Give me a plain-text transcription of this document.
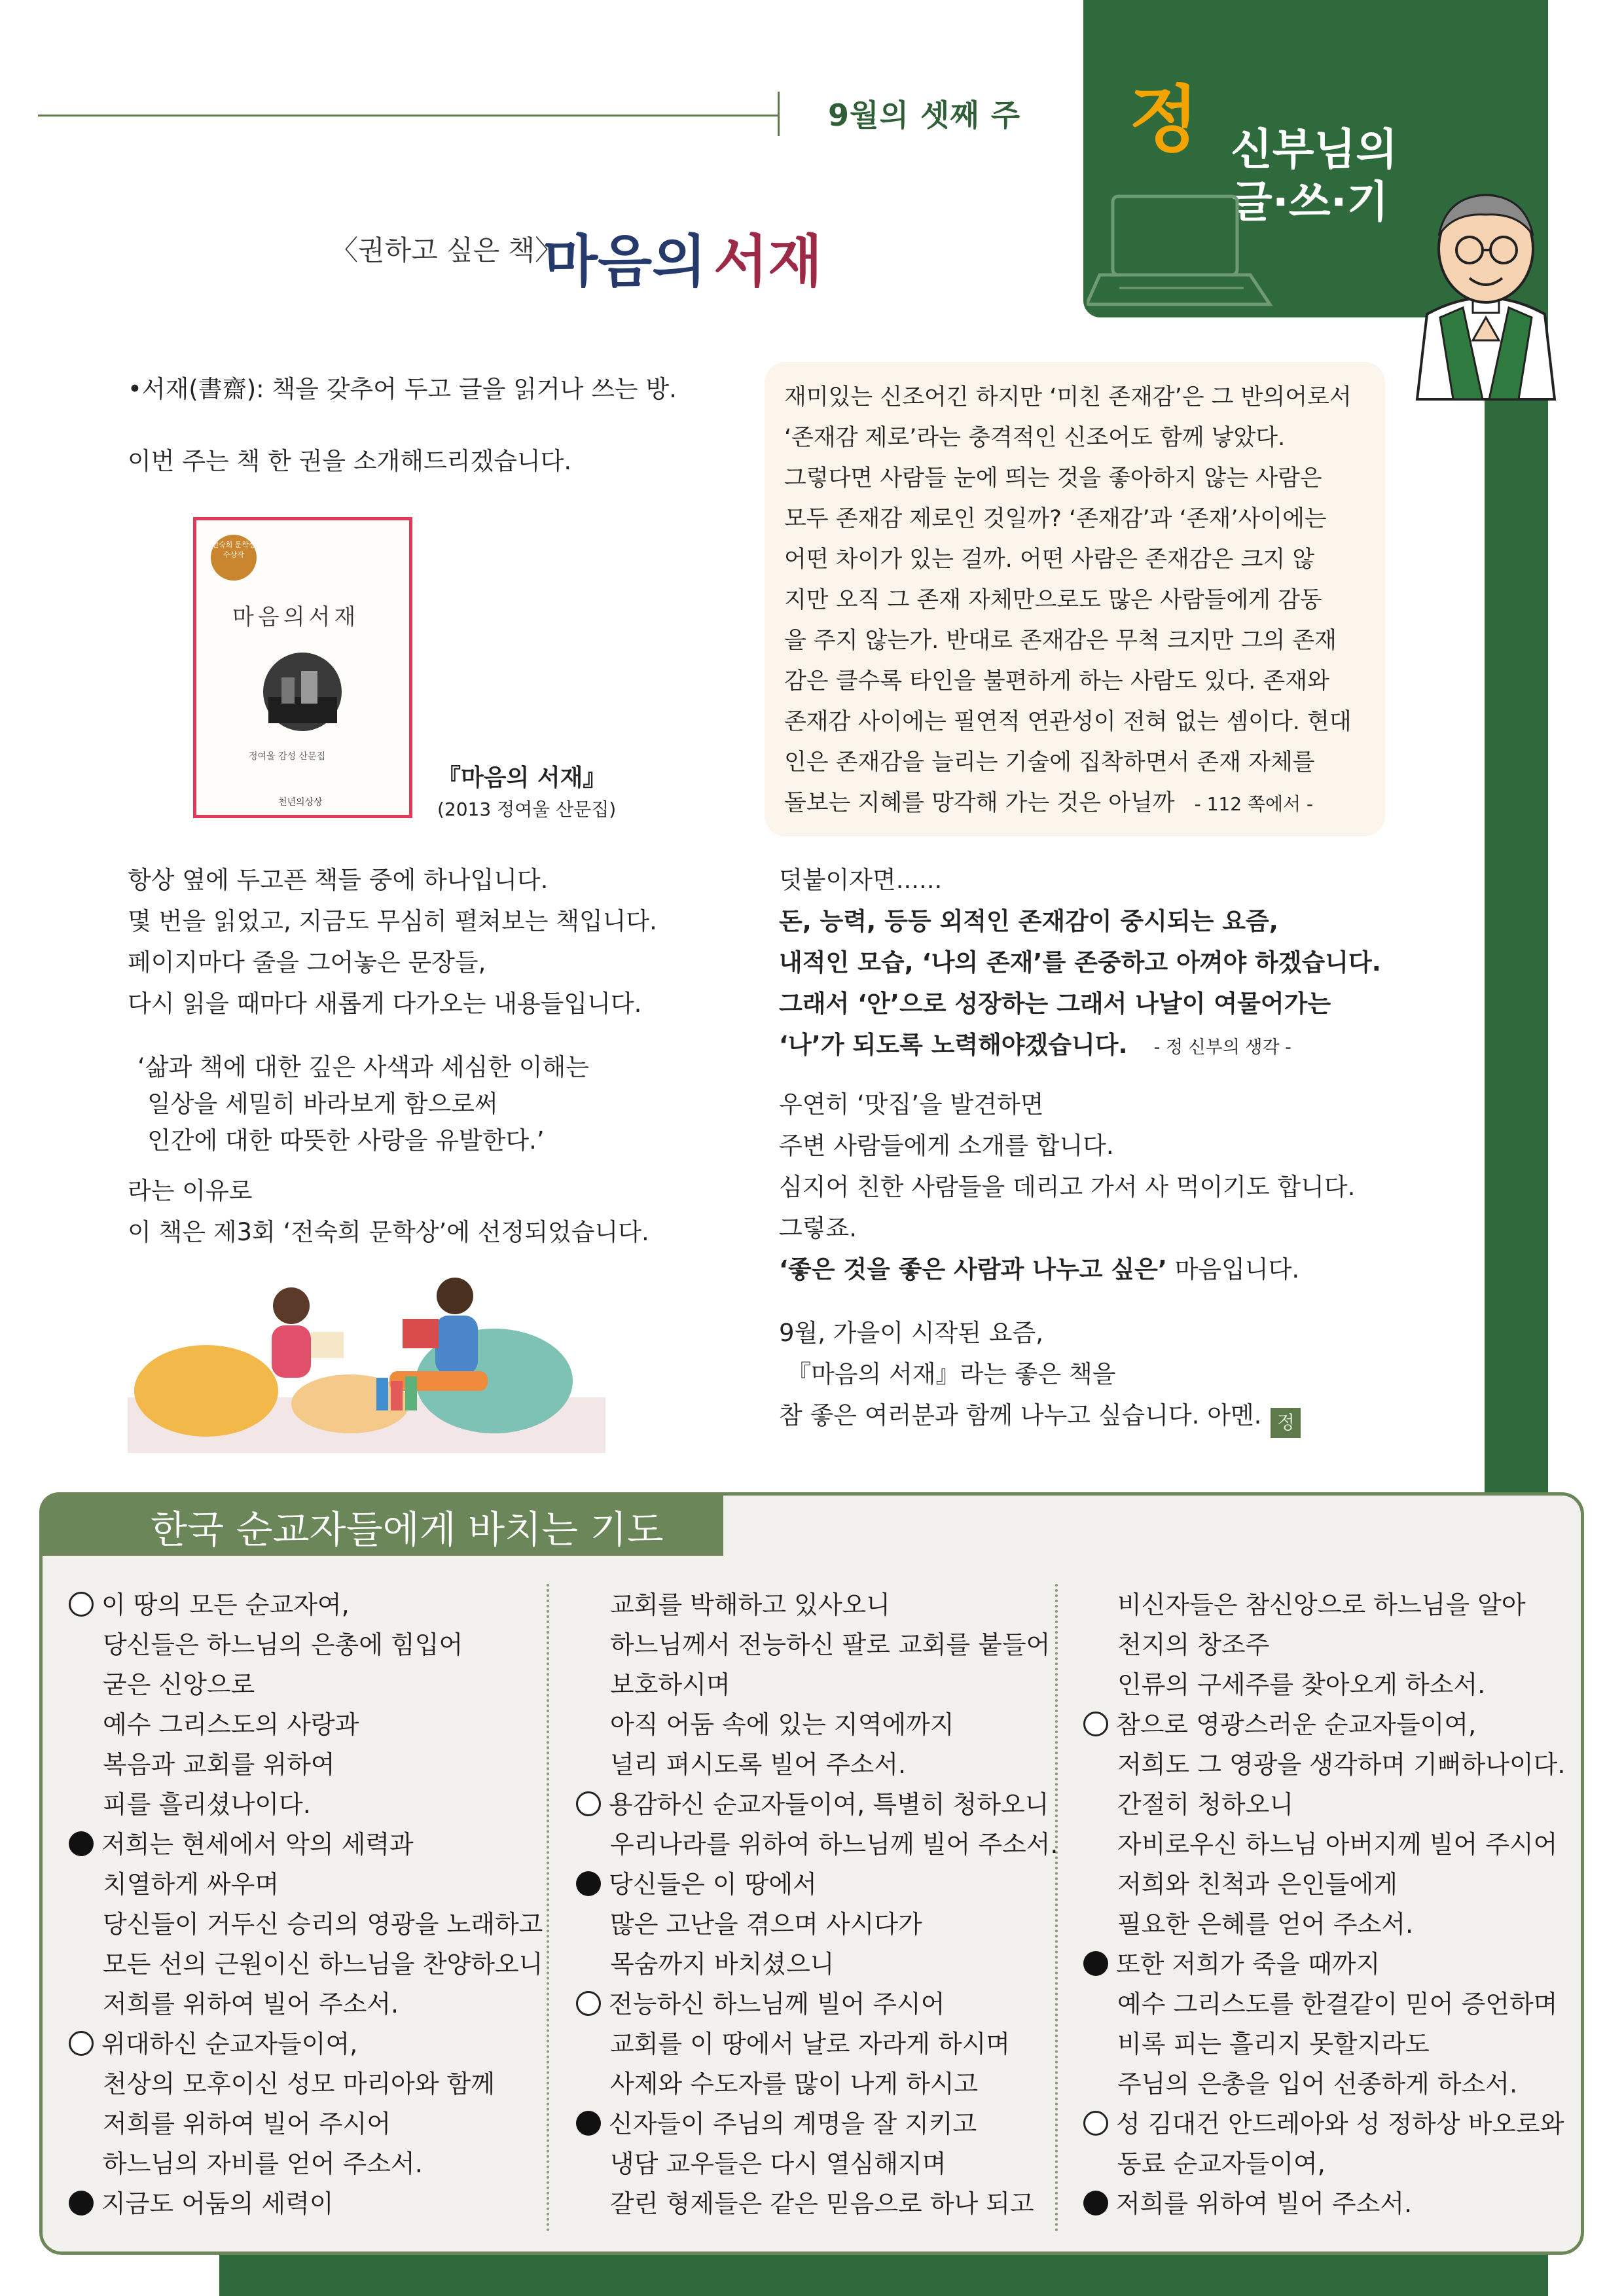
9월의 셋째 주 정 신부님의
글·쓰·기
〈권하고 싶은 책〉
마음의 서재
•서재(書齋): 책을 갖추어 두고 글을 읽거나 쓰는 방.
이번 주는 책 한 권을 소개해드리겠습니다.
전숙희 문학상 수상작
마음의서재
정여울 감성 산문집
천년의상상
『마음의 서재』
(2013 정여울 산문집)
항상 옆에 두고픈 책들 중에 하나입니다.
몇 번을 읽었고, 지금도 무심히 펼쳐보는 책입니다.
페이지마다 줄을 그어놓은 문장들,
다시 읽을 때마다 새롭게 다가오는 내용들입니다.
‘삶과 책에 대한 깊은 사색과 세심한 이해는
일상을 세밀히 바라보게 함으로써
인간에 대한 따뜻한 사랑을 유발한다.’
라는 이유로
이 책은 제3회 ‘전숙희 문학상’에 선정되었습니다.
재미있는 신조어긴 하지만 ‘미친 존재감’은 그 반의어로서
‘존재감 제로’라는 충격적인 신조어도 함께 낳았다.
그렇다면 사람들 눈에 띄는 것을 좋아하지 않는 사람은
모두 존재감 제로인 것일까? ‘존재감’과 ‘존재’사이에는
어떤 차이가 있는 걸까. 어떤 사람은 존재감은 크지 않
지만 오직 그 존재 자체만으로도 많은 사람들에게 감동
을 주지 않는가. 반대로 존재감은 무척 크지만 그의 존재
감은 클수록 타인을 불편하게 하는 사람도 있다. 존재와
존재감 사이에는 필연적 연관성이 전혀 없는 셈이다. 현대
인은 존재감을 늘리는 기술에 집착하면서 존재 자체를
돌보는 지혜를 망각해 가는 것은 아닐까 - 112 쪽에서 -
덧붙이자면......
돈, 능력, 등등 외적인 존재감이 중시되는 요즘,
내적인 모습, ‘나의 존재’를 존중하고 아껴야 하겠습니다.
그래서 ‘안’으로 성장하는 그래서 나날이 여물어가는
‘나’가 되도록 노력해야겠습니다. - 정 신부의 생각 -
우연히 ‘맛집’을 발견하면
주변 사람들에게 소개를 합니다.
심지어 친한 사람들을 데리고 가서 사 먹이기도 합니다.
그렇죠.
‘좋은 것을 좋은 사람과 나누고 싶은’ 마음입니다.
9월, 가을이 시작된 요즘,
『마음의 서재』라는 좋은 책을
참 좋은 여러분과 함께 나누고 싶습니다. 아멘. 정
한국 순교자들에게 바치는 기도
이 땅의 모든 순교자여,
당신들은 하느님의 은총에 힘입어
굳은 신앙으로
예수 그리스도의 사랑과
복음과 교회를 위하여
피를 흘리셨나이다.
저희는 현세에서 악의 세력과
치열하게 싸우며
당신들이 거두신 승리의 영광을 노래하고
모든 선의 근원이신 하느님을 찬양하오니
저희를 위하여 빌어 주소서.
위대하신 순교자들이여,
천상의 모후이신 성모 마리아와 함께
저희를 위하여 빌어 주시어
하느님의 자비를 얻어 주소서.
지금도 어둠의 세력이
교회를 박해하고 있사오니
하느님께서 전능하신 팔로 교회를 붙들어
보호하시며
아직 어둠 속에 있는 지역에까지
널리 펴시도록 빌어 주소서.
용감하신 순교자들이여, 특별히 청하오니
우리나라를 위하여 하느님께 빌어 주소서.
당신들은 이 땅에서
많은 고난을 겪으며 사시다가
목숨까지 바치셨으니
전능하신 하느님께 빌어 주시어
교회를 이 땅에서 날로 자라게 하시며
사제와 수도자를 많이 나게 하시고
신자들이 주님의 계명을 잘 지키고
냉담 교우들은 다시 열심해지며
갈린 형제들은 같은 믿음으로 하나 되고
비신자들은 참신앙으로 하느님을 알아
천지의 창조주
인류의 구세주를 찾아오게 하소서.
참으로 영광스러운 순교자들이여,
저희도 그 영광을 생각하며 기뻐하나이다.
간절히 청하오니
자비로우신 하느님 아버지께 빌어 주시어
저희와 친척과 은인들에게
필요한 은혜를 얻어 주소서.
또한 저희가 죽을 때까지
예수 그리스도를 한결같이 믿어 증언하며
비록 피는 흘리지 못할지라도
주님의 은총을 입어 선종하게 하소서.
성 김대건 안드레아와 성 정하상 바오로와
동료 순교자들이여,
저희를 위하여 빌어 주소서.
